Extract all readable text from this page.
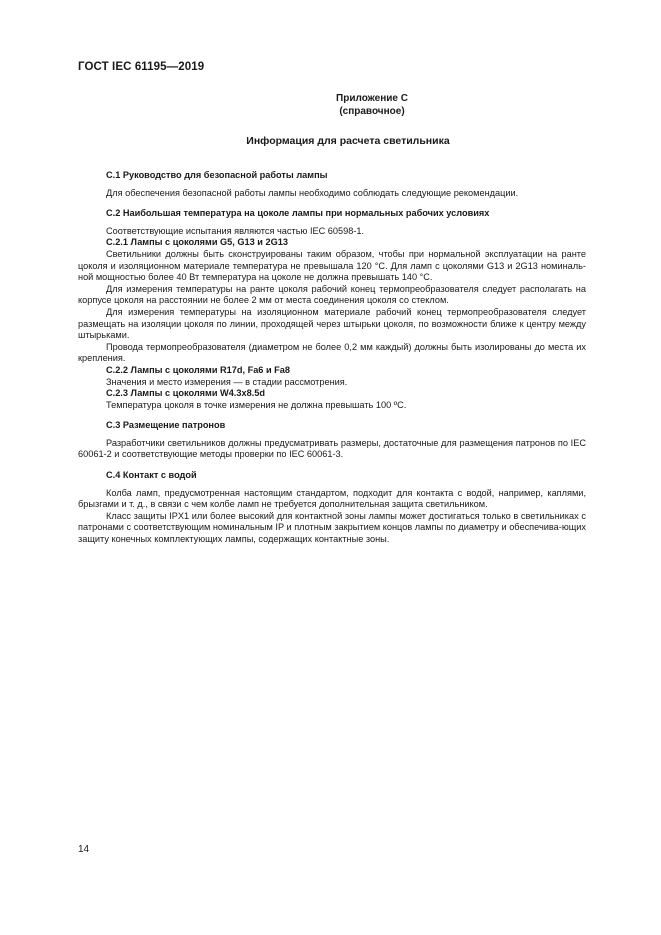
ГОСТ IEC 61195—2019
Приложение С
(справочное)
Информация для расчета светильника

С.1 Руководство для безопасной работы лампы

Для обеспечения безопасной работы лампы необходимо соблюдать следующие рекомендации.

С.2 Наибольшая температура на цоколе лампы при нормальных рабочих условиях

Соответствующие испытания являются частью IEC 60598-1.

С.2.1 Лампы с цоколями G5, G13 и 2G13

Светильники должны быть сконструированы таким образом, чтобы при нормальной эксплуатации на ранте цоколя и изоляционном материале температура не превышала 120 °С. Для ламп с цоколями G13 и 2G13 номиналь-ной мощностью более 40 Вт температура на цоколе не должна превышать 140 °С.

Для измерения температуры на ранте цоколя рабочий конец термопреобразователя следует располагать на корпусе цоколя на расстоянии не более 2 мм от места соединения цоколя со стеклом.

Для измерения температуры на изоляционном материале рабочий конец термопреобразователя следует размещать на изоляции цоколя по линии, проходящей через штырьки цоколя, по возможности ближе к центру между штырьками.

Провода термопреобразователя (диаметром не более 0,2 мм каждый) должны быть изолированы до места их крепления.

С.2.2 Лампы с цоколями R17d, Fa6 и Fa8

Значения и место измерения — в стадии рассмотрения.

С.2.3 Лампы с цоколями W4.3x8.5d

Температура цоколя в точке измерения не должна превышать 100 ºС.

С.3 Размещение патронов

Разработчики светильников должны предусматривать размеры, достаточные для размещения патронов по IEC 60061-2 и соответствующие методы проверки по IEC 60061-3.

С.4 Контакт с водой

Колба ламп, предусмотренная настоящим стандартом, подходит для контакта с водой, например, каплями, брызгами и т. д., в связи с чем колбе ламп не требуется дополнительная защита светильником.

Класс защиты IPX1 или более высокий для контактной зоны лампы может достигаться только в светильниках с патронами с соответствующим номинальным IP и плотным закрытием концов лампы по диаметру и обеспечива-ющих защиту конечных комплектующих лампы, содержащих контактные зоны.

14
